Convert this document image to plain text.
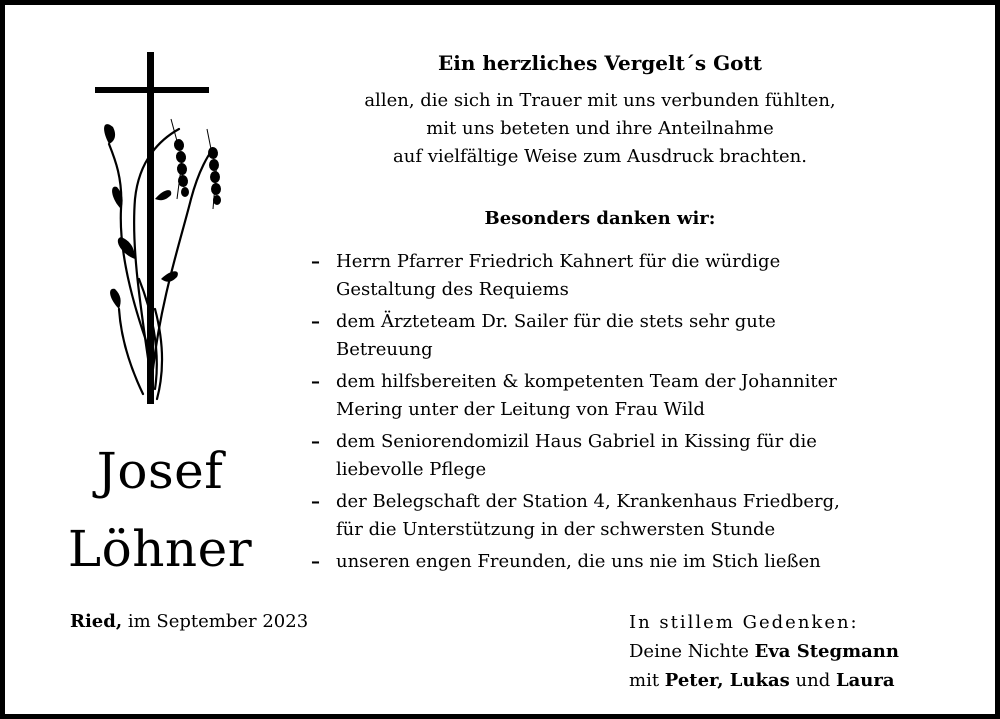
Josef
Löhner
Ein herzliches Vergelt´s Gott
allen, die sich in Trauer mit uns verbunden fühlten,
mit uns beteten und ihre Anteilnahme
auf vielfältige Weise zum Ausdruck brachten.
Besonders danken wir:
– Herrn Pfarrer Friedrich Kahnert für die würdige
Gestaltung des Requiems
– dem Ärzteteam Dr. Sailer für die stets sehr gute
Betreuung
– dem hilfsbereiten & kompetenten Team der Johanniter
Mering unter der Leitung von Frau Wild
– dem Seniorendomizil Haus Gabriel in Kissing für die
liebevolle Pflege
– der Belegschaft der Station 4, Krankenhaus Friedberg,
für die Unterstützung in der schwersten Stunde
– unseren engen Freunden, die uns nie im Stich ließen
Ried, im September 2023	In stillem Gedenken:
Deine Nichte Eva Stegmann
mit Peter, Lukas und Laura
